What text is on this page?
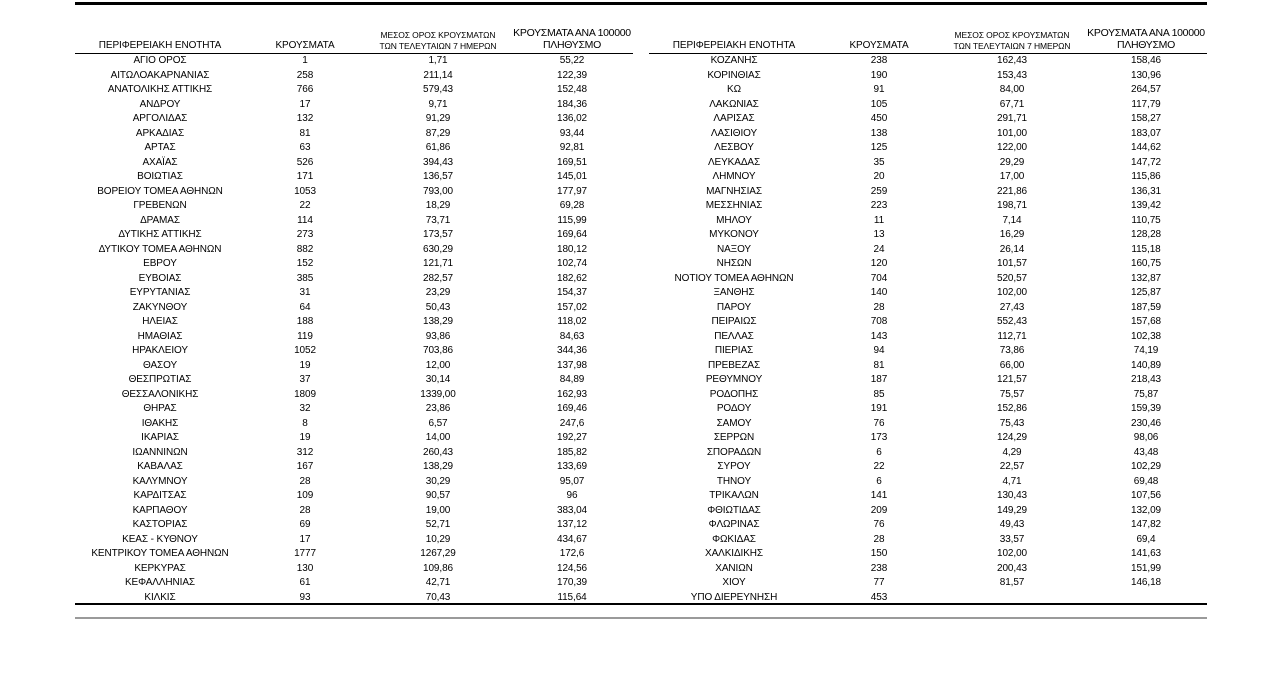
ΠΕΡΙΦΕΡΕΙΑΚΗ ΕΝΟΤΗΤΑ	ΚΡΟΥΣΜΑΤΑ	ΜΕΣΟΣ ΟΡΟΣ ΚΡΟΥΣΜΑΤΩΝ
ΤΩΝ ΤΕΛΕΥΤΑΙΩΝ 7 ΗΜΕΡΩΝ	ΚΡΟΥΣΜΑΤΑ ΑΝΑ 100000
ΠΛΗΘΥΣΜΟ
ΑΓΙΟ ΟΡΟΣ	1	1,71	55,22
ΑΙΤΩΛΟΑΚΑΡΝΑΝΙΑΣ	258	211,14	122,39
ΑΝΑΤΟΛΙΚΗΣ ΑΤΤΙΚΗΣ	766	579,43	152,48
ΑΝΔΡΟΥ	17	9,71	184,36
ΑΡΓΟΛΙΔΑΣ	132	91,29	136,02
ΑΡΚΑΔΙΑΣ	81	87,29	93,44
ΑΡΤΑΣ	63	61,86	92,81
ΑΧΑΪΑΣ	526	394,43	169,51
ΒΟΙΩΤΙΑΣ	171	136,57	145,01
ΒΟΡΕΙΟΥ ΤΟΜΕΑ ΑΘΗΝΩΝ	1053	793,00	177,97
ΓΡΕΒΕΝΩΝ	22	18,29	69,28
ΔΡΑΜΑΣ	114	73,71	115,99
ΔΥΤΙΚΗΣ ΑΤΤΙΚΗΣ	273	173,57	169,64
ΔΥΤΙΚΟΥ ΤΟΜΕΑ ΑΘΗΝΩΝ	882	630,29	180,12
ΕΒΡΟΥ	152	121,71	102,74
ΕΥΒΟΙΑΣ	385	282,57	182,62
ΕΥΡΥΤΑΝΙΑΣ	31	23,29	154,37
ΖΑΚΥΝΘΟΥ	64	50,43	157,02
ΗΛΕΙΑΣ	188	138,29	118,02
ΗΜΑΘΙΑΣ	119	93,86	84,63
ΗΡΑΚΛΕΙΟΥ	1052	703,86	344,36
ΘΑΣΟΥ	19	12,00	137,98
ΘΕΣΠΡΩΤΙΑΣ	37	30,14	84,89
ΘΕΣΣΑΛΟΝΙΚΗΣ	1809	1339,00	162,93
ΘΗΡΑΣ	32	23,86	169,46
ΙΘΑΚΗΣ	8	6,57	247,6
ΙΚΑΡΙΑΣ	19	14,00	192,27
ΙΩΑΝΝΙΝΩΝ	312	260,43	185,82
ΚΑΒΑΛΑΣ	167	138,29	133,69
ΚΑΛΥΜΝΟΥ	28	30,29	95,07
ΚΑΡΔΙΤΣΑΣ	109	90,57	96
ΚΑΡΠΑΘΟΥ	28	19,00	383,04
ΚΑΣΤΟΡΙΑΣ	69	52,71	137,12
ΚΕΑΣ - ΚΥΘΝΟΥ	17	10,29	434,67
ΚΕΝΤΡΙΚΟΥ ΤΟΜΕΑ ΑΘΗΝΩΝ	1777	1267,29	172,6
ΚΕΡΚΥΡΑΣ	130	109,86	124,56
ΚΕΦΑΛΛΗΝΙΑΣ	61	42,71	170,39
ΚΙΛΚΙΣ	93	70,43	115,64
ΠΕΡΙΦΕΡΕΙΑΚΗ ΕΝΟΤΗΤΑ	ΚΡΟΥΣΜΑΤΑ	ΜΕΣΟΣ ΟΡΟΣ ΚΡΟΥΣΜΑΤΩΝ
ΤΩΝ ΤΕΛΕΥΤΑΙΩΝ 7 ΗΜΕΡΩΝ	ΚΡΟΥΣΜΑΤΑ ΑΝΑ 100000
ΠΛΗΘΥΣΜΟ
ΚΟΖΑΝΗΣ	238	162,43	158,46
ΚΟΡΙΝΘΙΑΣ	190	153,43	130,96
ΚΩ	91	84,00	264,57
ΛΑΚΩΝΙΑΣ	105	67,71	117,79
ΛΑΡΙΣΑΣ	450	291,71	158,27
ΛΑΣΙΘΙΟΥ	138	101,00	183,07
ΛΕΣΒΟΥ	125	122,00	144,62
ΛΕΥΚΑΔΑΣ	35	29,29	147,72
ΛΗΜΝΟΥ	20	17,00	115,86
ΜΑΓΝΗΣΙΑΣ	259	221,86	136,31
ΜΕΣΣΗΝΙΑΣ	223	198,71	139,42
ΜΗΛΟΥ	11	7,14	110,75
ΜΥΚΟΝΟΥ	13	16,29	128,28
ΝΑΞΟΥ	24	26,14	115,18
ΝΗΣΩΝ	120	101,57	160,75
ΝΟΤΙΟΥ ΤΟΜΕΑ ΑΘΗΝΩΝ	704	520,57	132,87
ΞΑΝΘΗΣ	140	102,00	125,87
ΠΑΡΟΥ	28	27,43	187,59
ΠΕΙΡΑΙΩΣ	708	552,43	157,68
ΠΕΛΛΑΣ	143	112,71	102,38
ΠΙΕΡΙΑΣ	94	73,86	74,19
ΠΡΕΒΕΖΑΣ	81	66,00	140,89
ΡΕΘΥΜΝΟΥ	187	121,57	218,43
ΡΟΔΟΠΗΣ	85	75,57	75,87
ΡΟΔΟΥ	191	152,86	159,39
ΣΑΜΟΥ	76	75,43	230,46
ΣΕΡΡΩΝ	173	124,29	98,06
ΣΠΟΡΑΔΩΝ	6	4,29	43,48
ΣΥΡΟΥ	22	22,57	102,29
ΤΗΝΟΥ	6	4,71	69,48
ΤΡΙΚΑΛΩΝ	141	130,43	107,56
ΦΘΙΩΤΙΔΑΣ	209	149,29	132,09
ΦΛΩΡΙΝΑΣ	76	49,43	147,82
ΦΩΚΙΔΑΣ	28	33,57	69,4
ΧΑΛΚΙΔΙΚΗΣ	150	102,00	141,63
ΧΑΝΙΩΝ	238	200,43	151,99
ΧΙΟΥ	77	81,57	146,18
ΥΠΟ ΔΙΕΡΕΥΝΗΣΗ	453		
